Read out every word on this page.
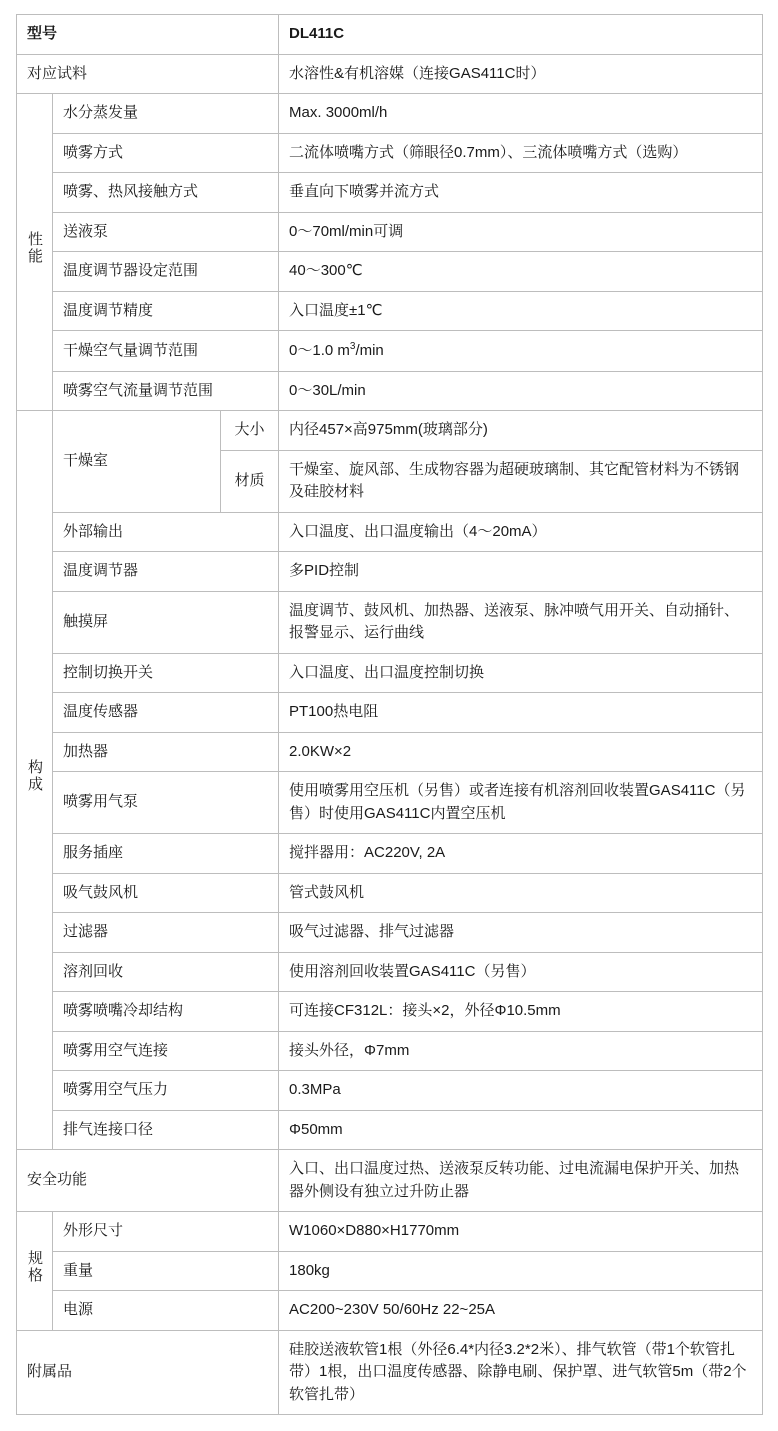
型号			DL411C
对应试料			水溶性&有机溶媒（连接GAS411C时）
性能	水分蒸发量		Max. 3000ml/h
	喷雾方式		二流体喷嘴方式（筛眼径0.7mm）、三流体喷嘴方式（选购）
	喷雾、热风接触方式		垂直向下喷雾并流方式
	送液泵		0〜70ml/min可调
	温度调节器设定范围		40〜300℃
	温度调节精度		入口温度±1℃
	干燥空气量调节范围		0〜1.0 $m^3/\min$
	喷雾空气流量调节范围		0〜30L/min
构成	干燥室	大小	内径457×高975mm(玻璃部分)
		材质	干燥室、旋风部、生成物容器为超硬玻璃制、其它配管材料为不锈钢及硅胶材料
	外部输出		入口温度、出口温度输出（4〜20mA）
	温度调节器		多PID控制
	触摸屏		温度调节、鼓风机、加热器、送液泵、脉冲喷气用开关、自动捅针、报警显示、运行曲线
	控制切换开关		入口温度、出口温度控制切换
	温度传感器		PT100热电阻
	加热器		2.0KW×2
	喷雾用气泵		使用喷雾用空压机（另售）或者连接有机溶剂回收装置GAS411C（另售）时使用GAS411C内置空压机
	服务插座		搅拌器用：AC220V, 2A
	吸气鼓风机		管式鼓风机
	过滤器		吸气过滤器、排气过滤器
	溶剂回收		使用溶剂回收装置GAS411C（另售）
	喷雾喷嘴冷却结构		可连接CF312L：接头×2，外径Φ10.5mm
	喷雾用空气连接		接头外径，Φ7mm
	喷雾用空气压力		0.3MPa
	排气连接口径		Φ50mm
安全功能			入口、出口温度过热、送液泵反转功能、过电流漏电保护开关、加热器外侧设有独立过升防止器
规格	外形尺寸		W1060×D880×H1770mm
	重量		180kg
	电源		AC200~230V 50/60Hz 22~25A
附属品			硅胶送液软管1根（外径6.4*内径3.2*2米）、排气软管（带1个软管扎带）1根，出口温度传感器、除静电刷、保护罩、进气软管5m（带2个软管扎带）
